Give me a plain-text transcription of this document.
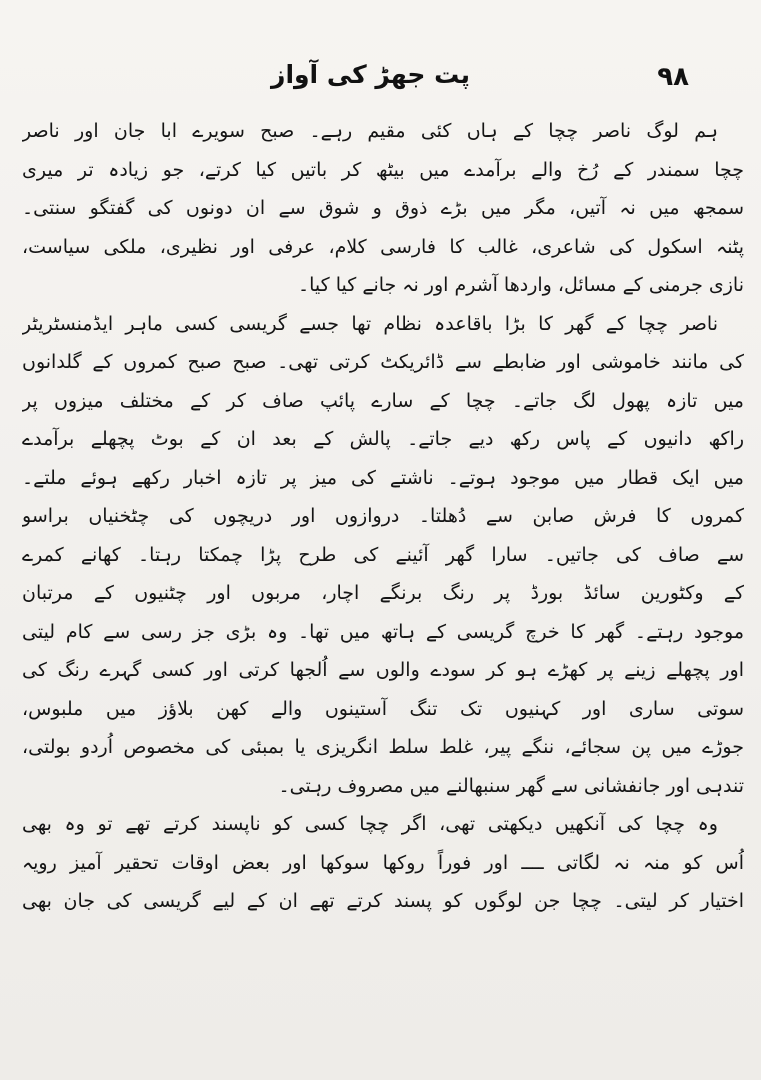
پت جھڑ کی آواز	۹۸
ہم لوگ ناصر چچا کے ہاں کئی مقیم رہے۔ صبح سویرے ابا جان اور ناصر
چچا سمندر کے رُخ والے برآمدے میں بیٹھ کر باتیں کیا کرتے، جو زیادہ تر میری
سمجھ میں نہ آتیں، مگر میں بڑے ذوق و شوق سے ان دونوں کی گفتگو سنتی۔
پٹنہ اسکول کی شاعری، غالب کا فارسی کلام، عرفی اور نظیری، ملکی سیاست،
نازی جرمنی کے مسائل، واردھا آشرم اور نہ جانے کیا کیا۔
ناصر چچا کے گھر کا بڑا باقاعدہ نظام تھا جسے گریسی کسی ماہر ایڈمنسٹریٹر
کی مانند خاموشی اور ضابطے سے ڈائریکٹ کرتی تھی۔ صبح صبح کمروں کے گلدانوں
میں تازہ پھول لگ جاتے۔ چچا کے سارے پائپ صاف کر کے مختلف میزوں پر
راکھ دانیوں کے پاس رکھ دیے جاتے۔ پالش کے بعد ان کے بوٹ پچھلے برآمدے
میں ایک قطار میں موجود ہوتے۔ ناشتے کی میز پر تازہ اخبار رکھے ہوئے ملتے۔
کمروں کا فرش صابن سے دُھلتا۔ دروازوں اور دریچوں کی چٹخنیاں براسو
سے صاف کی جاتیں۔ سارا گھر آئینے کی طرح پڑا چمکتا رہتا۔ کھانے کمرے
کے وکٹورین سائڈ بورڈ پر رنگ برنگے اچار، مربوں اور چٹنیوں کے مرتبان
موجود رہتے۔ گھر کا خرچ گریسی کے ہاتھ میں تھا۔ وہ بڑی جز رسی سے کام لیتی
اور پچھلے زینے پر کھڑے ہو کر سودے والوں سے اُلجھا کرتی اور کسی گہرے رنگ کی
سوتی ساری اور کہنیوں تک تنگ آستینوں والے کھن بلاؤز میں ملبوس،
جوڑے میں پن سجائے، ننگے پیر، غلط سلط انگریزی یا بمبئی کی مخصوص اُردو بولتی،
تندہی اور جانفشانی سے گھر سنبھالنے میں مصروف رہتی۔
وہ چچا کی آنکھیں دیکھتی تھی، اگر چچا کسی کو ناپسند کرتے تھے تو وہ بھی
اُس کو منہ نہ لگاتی ــــ اور فوراً روکھا سوکھا اور بعض اوقات تحقیر آمیز رویہ
اختیار کر لیتی۔ چچا جن لوگوں کو پسند کرتے تھے ان کے لیے گریسی کی جان بھی
